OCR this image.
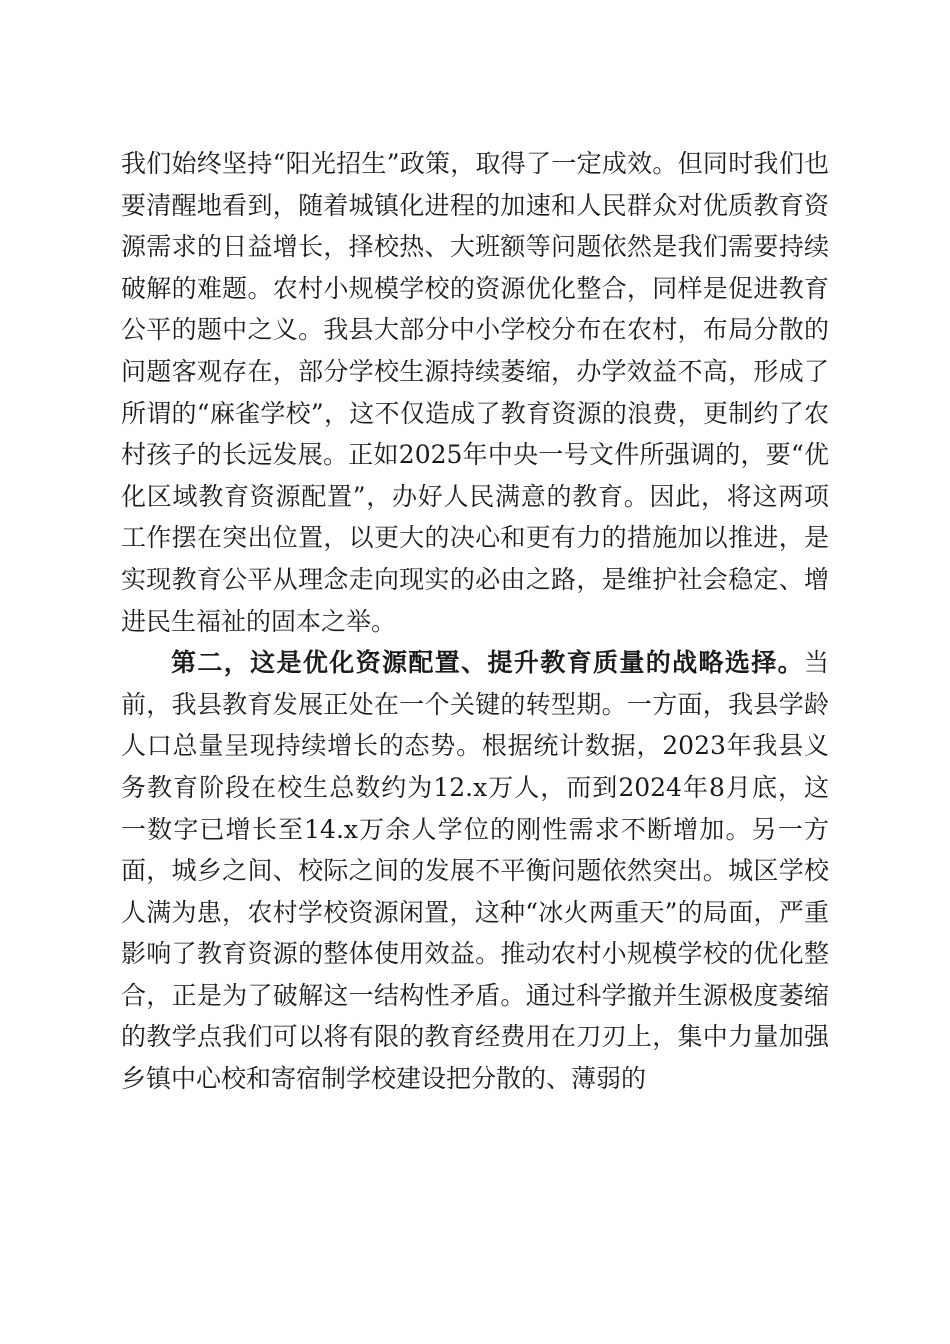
我们始终坚持“阳光招生”政策，取得了一定成效。但同时我们也要清醒地看到，随着城镇化进程的加速和人民群众对优质教育资源需求的日益增长，择校热、大班额等问题依然是我们需要持续破解的难题。农村小规模学校的资源优化整合，同样是促进教育公平的题中之义。我县大部分中小学校分布在农村，布局分散的问题客观存在，部分学校生源持续萎缩，办学效益不高，形成了所谓的“麻雀学校”，这不仅造成了教育资源的浪费，更制约了农村孩子的长远发展。正如2025年中央一号文件所强调的，要“优化区域教育资源配置”，办好人民满意的教育。因此，将这两项工作摆在突出位置，以更大的决心和更有力的措施加以推进，是实现教育公平从理念走向现实的必由之路，是维护社会稳定、增进民生福祉的固本之举。

第二，这是优化资源配置、提升教育质量的战略选择。当前，我县教育发展正处在一个关键的转型期。一方面，我县学龄人口总量呈现持续增长的态势。根据统计数据，2023年我县义务教育阶段在校生总数约为12.x万人，而到2024年8月底，这一数字已增长至14.x万余人学位的刚性需求不断增加。另一方面，城乡之间、校际之间的发展不平衡问题依然突出。城区学校人满为患，农村学校资源闲置，这种“冰火两重天”的局面，严重影响了教育资源的整体使用效益。推动农村小规模学校的优化整合，正是为了破解这一结构性矛盾。通过科学撤并生源极度萎缩的教学点我们可以将有限的教育经费用在刀刃上，集中力量加强乡镇中心校和寄宿制学校建设把分散的、薄弱的
